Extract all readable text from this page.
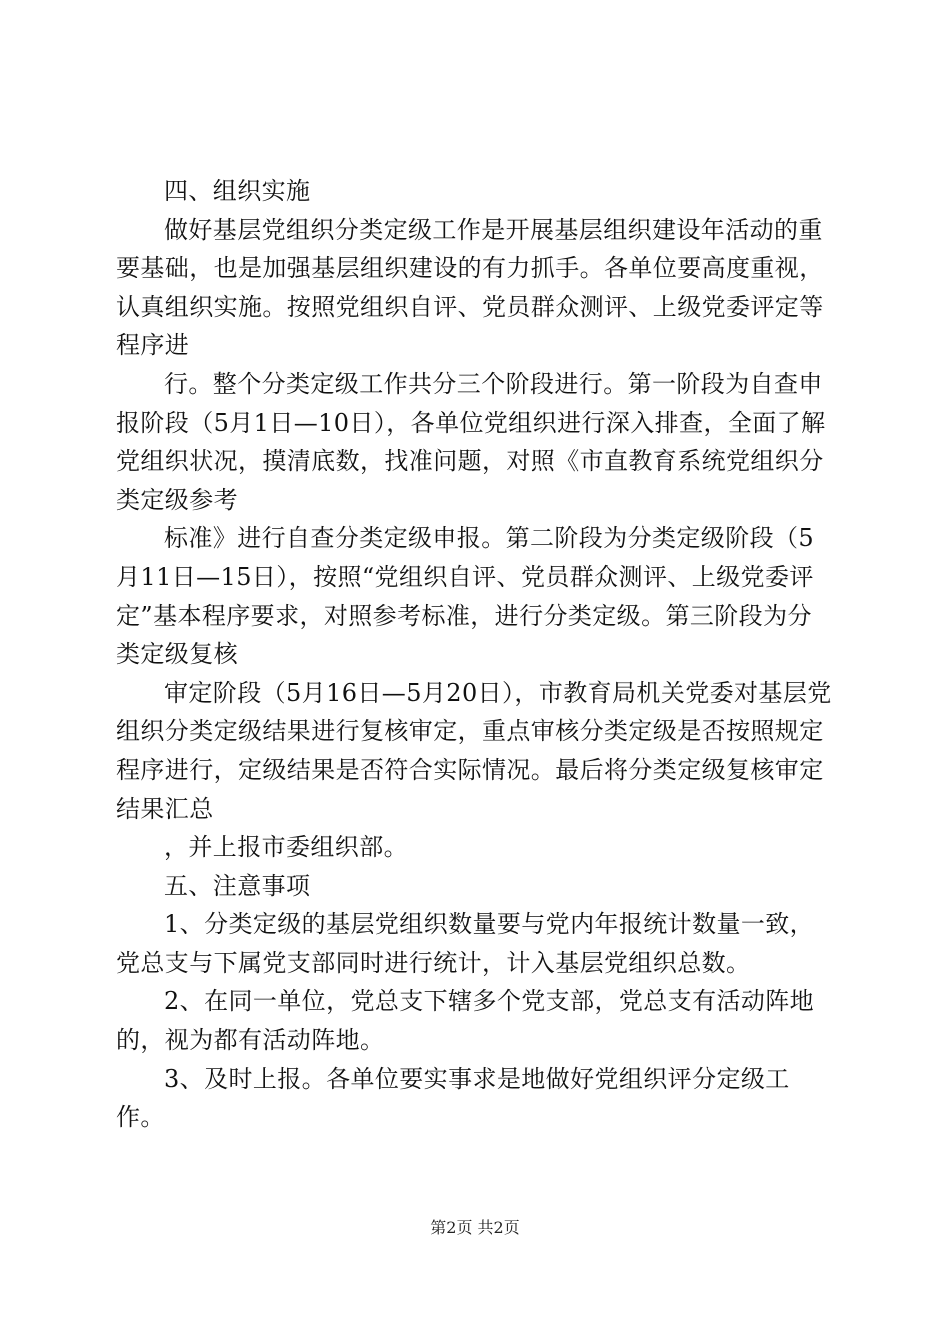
四、组织实施

做好基层党组织分类定级工作是开展基层组织建设年活动的重要基础，也是加强基层组织建设的有力抓手。各单位要高度重视，认真组织实施。按照党组织自评、党员群众测评、上级党委评定等程序进

行。整个分类定级工作共分三个阶段进行。第一阶段为自查申报阶段（5月1日—10日），各单位党组织进行深入排查，全面了解党组织状况，摸清底数，找准问题，对照《市直教育系统党组织分类定级参考

标准》进行自查分类定级申报。第二阶段为分类定级阶段（5月11日—15日），按照“党组织自评、党员群众测评、上级党委评定”基本程序要求，对照参考标准，进行分类定级。第三阶段为分类定级复核

审定阶段（5月16日—5月20日），市教育局机关党委对基层党组织分类定级结果进行复核审定，重点审核分类定级是否按照规定程序进行，定级结果是否符合实际情况。最后将分类定级复核审定结果汇总

，并上报市委组织部。

五、注意事项

1、分类定级的基层党组织数量要与党内年报统计数量一致，党总支与下属党支部同时进行统计，计入基层党组织总数。

2、在同一单位，党总支下辖多个党支部，党总支有活动阵地的，视为都有活动阵地。

3、及时上报。各单位要实事求是地做好党组织评分定级工作。

第2页 共2页
